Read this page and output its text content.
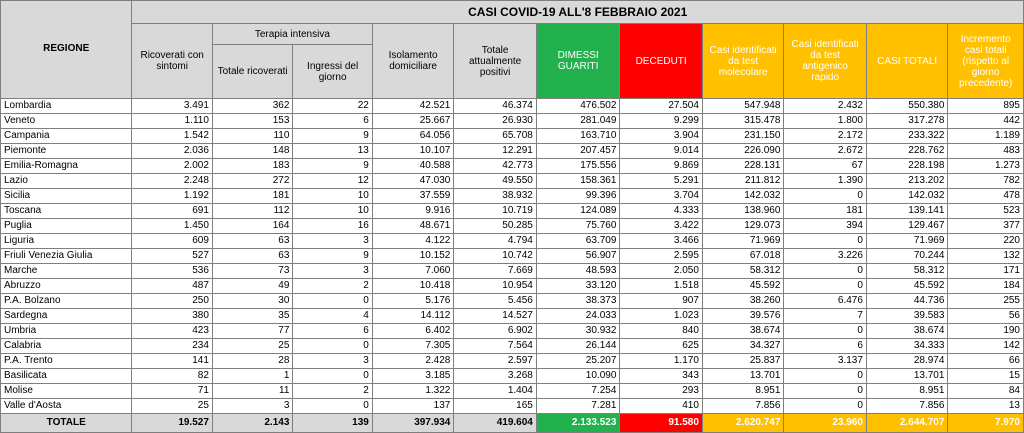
REGIONE	CASI COVID-19 ALL'8 FEBBRAIO 2021										
	Ricoverati con sintomi	Terapia intensiva		Isolamento domiciliare	Totale attualmente positivi	DIMESSI GUARITI	DECEDUTI	Casi identificati da test molecolare	Casi identificati da test antigenico rapido	CASI TOTALI	Incremento casi totali (rispetto al giorno precedente)
		Totale ricoverati	Ingressi del giorno								
Lombardia	3.491	362	22	42.521	46.374	476.502	27.504	547.948	2.432	550.380	895
Veneto	1.110	153	6	25.667	26.930	281.049	9.299	315.478	1.800	317.278	442
Campania	1.542	110	9	64.056	65.708	163.710	3.904	231.150	2.172	233.322	1.189
Piemonte	2.036	148	13	10.107	12.291	207.457	9.014	226.090	2.672	228.762	483
Emilia-Romagna	2.002	183	9	40.588	42.773	175.556	9.869	228.131	67	228.198	1.273
Lazio	2.248	272	12	47.030	49.550	158.361	5.291	211.812	1.390	213.202	782
Sicilia	1.192	181	10	37.559	38.932	99.396	3.704	142.032	0	142.032	478
Toscana	691	112	10	9.916	10.719	124.089	4.333	138.960	181	139.141	523
Puglia	1.450	164	16	48.671	50.285	75.760	3.422	129.073	394	129.467	377
Liguria	609	63	3	4.122	4.794	63.709	3.466	71.969	0	71.969	220
Friuli Venezia Giulia	527	63	9	10.152	10.742	56.907	2.595	67.018	3.226	70.244	132
Marche	536	73	3	7.060	7.669	48.593	2.050	58.312	0	58.312	171
Abruzzo	487	49	2	10.418	10.954	33.120	1.518	45.592	0	45.592	184
P.A. Bolzano	250	30	0	5.176	5.456	38.373	907	38.260	6.476	44.736	255
Sardegna	380	35	4	14.112	14.527	24.033	1.023	39.576	7	39.583	56
Umbria	423	77	6	6.402	6.902	30.932	840	38.674	0	38.674	190
Calabria	234	25	0	7.305	7.564	26.144	625	34.327	6	34.333	142
P.A. Trento	141	28	3	2.428	2.597	25.207	1.170	25.837	3.137	28.974	66
Basilicata	82	1	0	3.185	3.268	10.090	343	13.701	0	13.701	15
Molise	71	11	2	1.322	1.404	7.254	293	8.951	0	8.951	84
Valle d'Aosta	25	3	0	137	165	7.281	410	7.856	0	7.856	13
TOTALE	19.527	2.143	139	397.934	419.604	2.133.523	91.580	2.620.747	23.960	2.644.707	7.970
